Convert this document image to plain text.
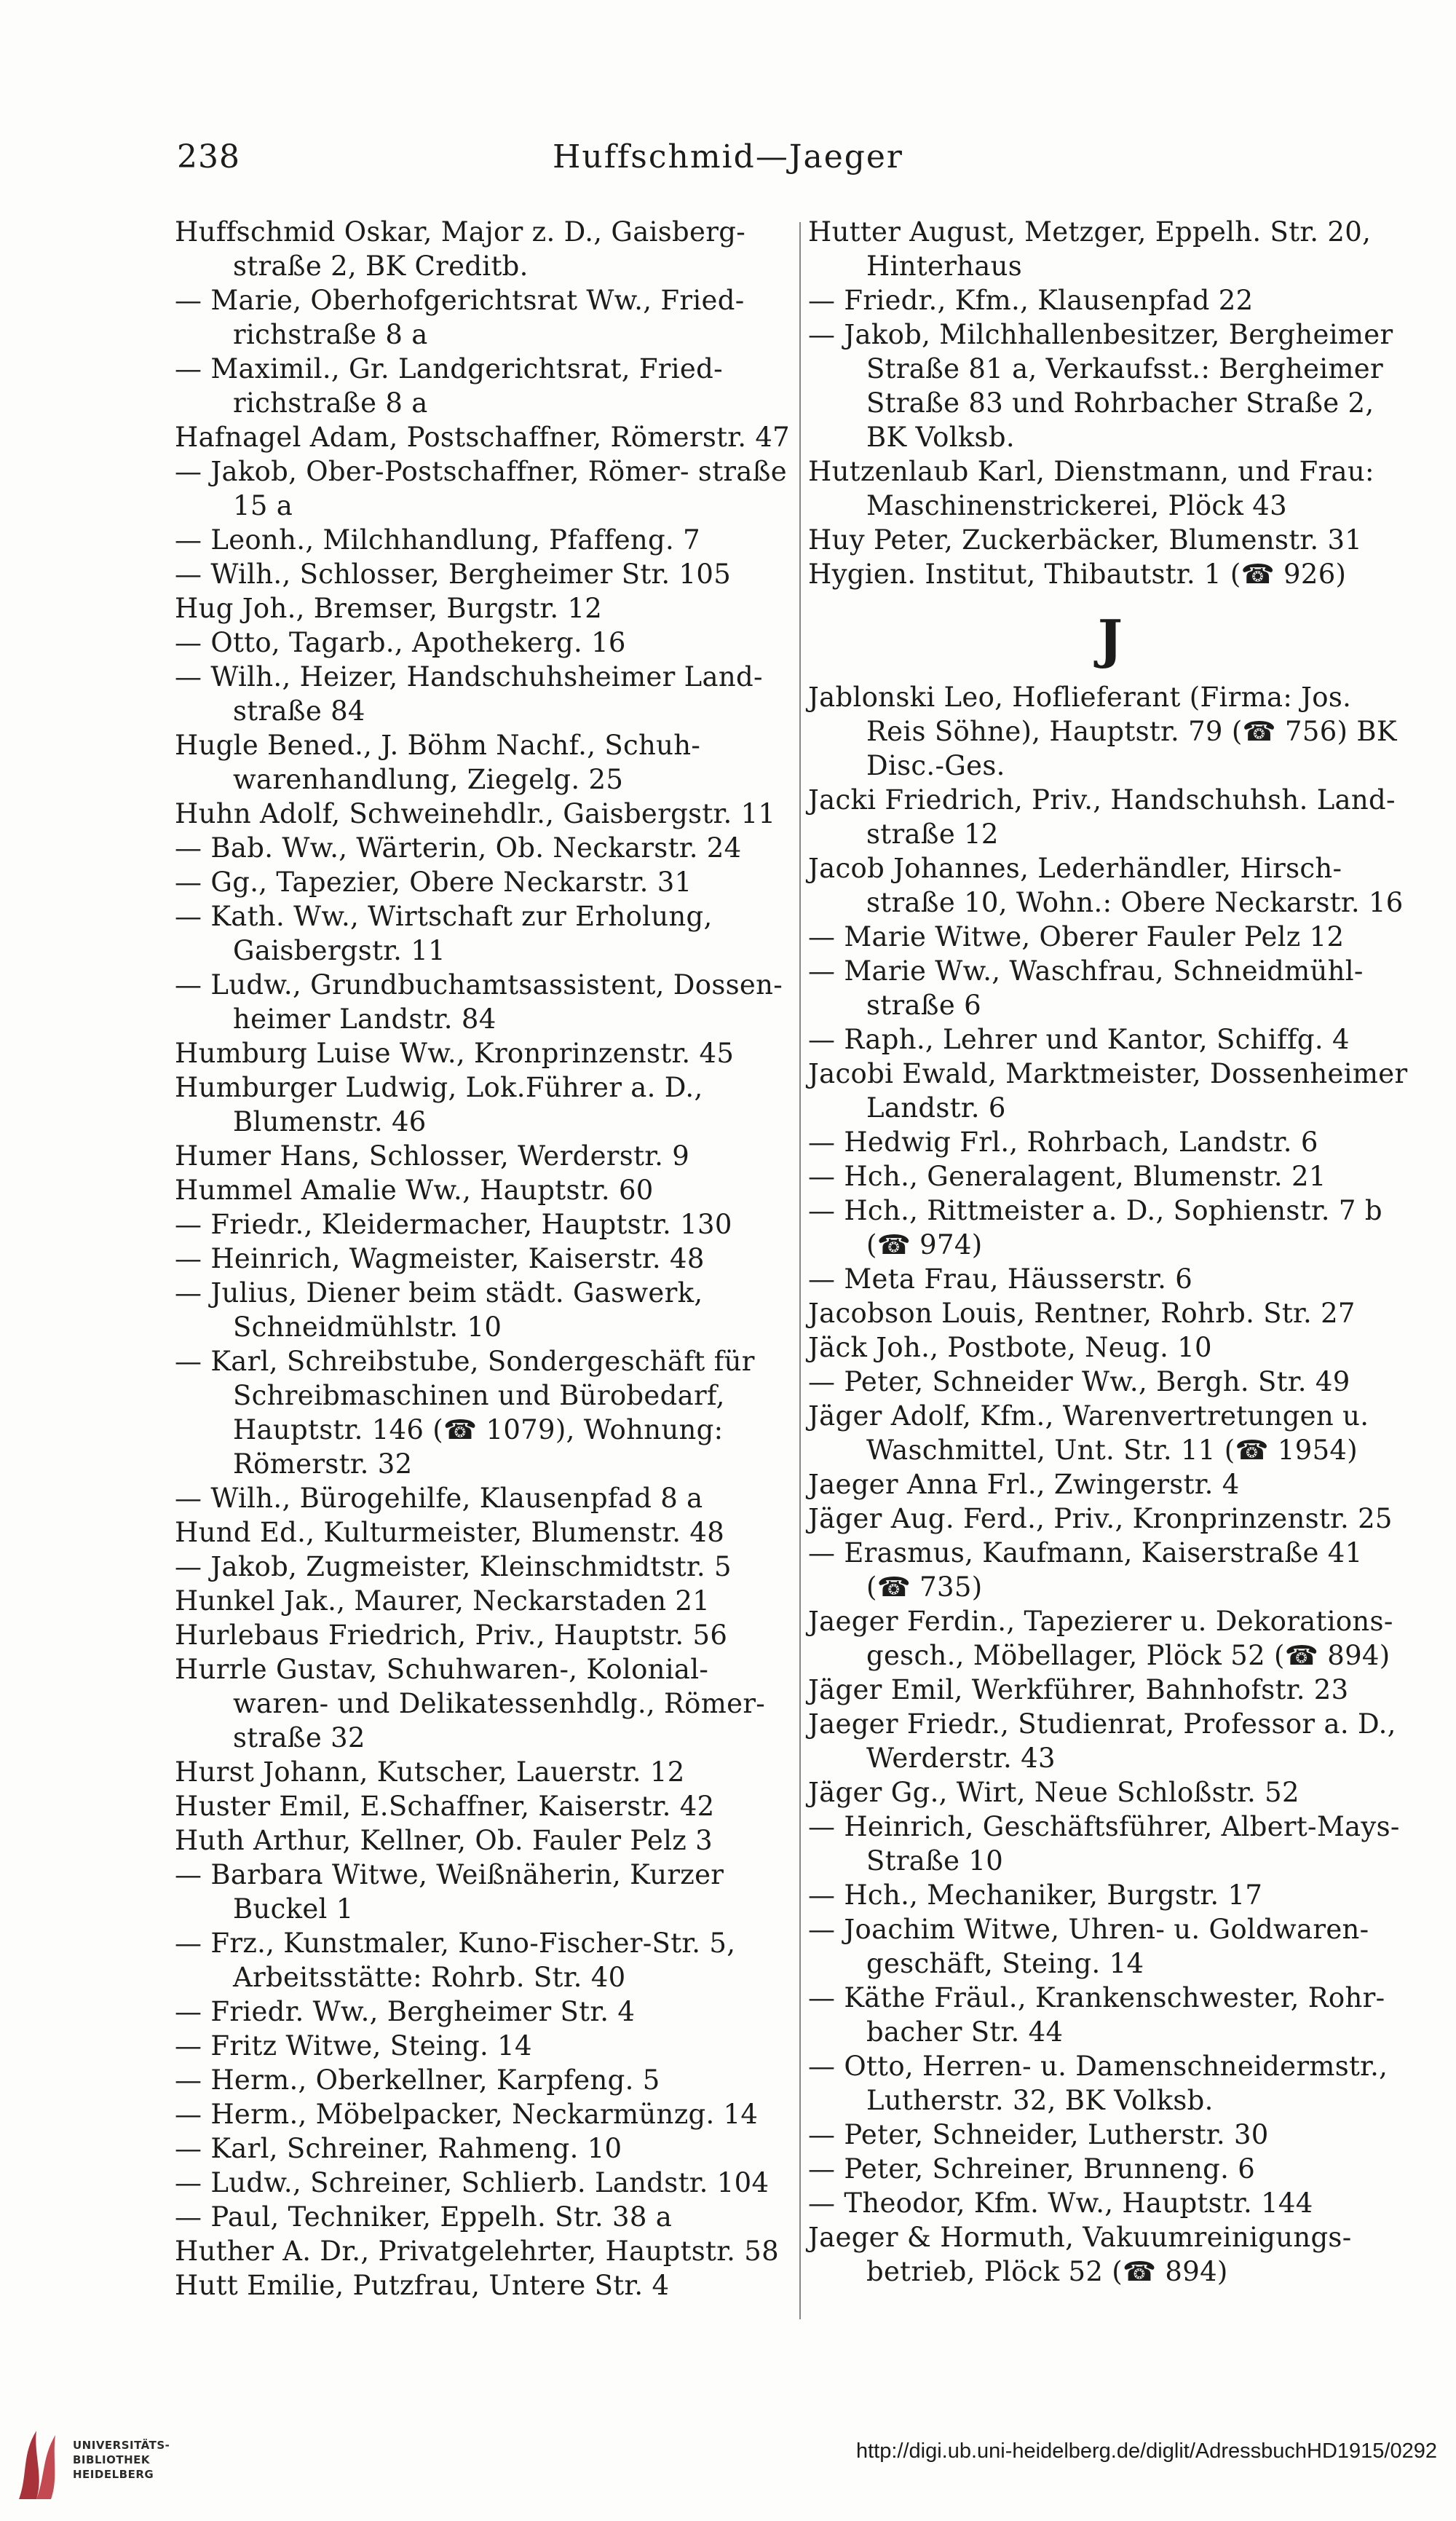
238	Huffschmid—Jaeger

Huffschmid Oskar, Major z. D., Gaisberg- straße 2, BK Creditb.

— Marie, Oberhofgerichtsrat Ww., Fried- richstraße 8 a

— Maximil., Gr. Landgerichtsrat, Fried- richstraße 8 a

Hafnagel Adam, Postschaffner, Römerstr. 47

— Jakob, Ober-Postschaffner, Römer- straße 15 a

— Leonh., Milchhandlung, Pfaffeng. 7

— Wilh., Schlosser, Bergheimer Str. 105

Hug Joh., Bremser, Burgstr. 12

— Otto, Tagarb., Apothekerg. 16

— Wilh., Heizer, Handschuhsheimer Land- straße 84

Hugle Bened., J. Böhm Nachf., Schuh- warenhandlung, Ziegelg. 25

Huhn Adolf, Schweinehdlr., Gaisbergstr. 11

— Bab. Ww., Wärterin, Ob. Neckarstr. 24

— Gg., Tapezier, Obere Neckarstr. 31

— Kath. Ww., Wirtschaft zur Erholung, Gaisbergstr. 11

— Ludw., Grundbuchamtsassistent, Dossen- heimer Landstr. 84

Humburg Luise Ww., Kronprinzenstr. 45

Humburger Ludwig, Lok.Führer a. D., Blumenstr. 46

Humer Hans, Schlosser, Werderstr. 9

Hummel Amalie Ww., Hauptstr. 60

— Friedr., Kleidermacher, Hauptstr. 130

— Heinrich, Wagmeister, Kaiserstr. 48

— Julius, Diener beim städt. Gaswerk, Schneidmühlstr. 10

— Karl, Schreibstube, Sondergeschäft für Schreibmaschinen und Bürobedarf, Hauptstr. 146 (☎ 1079), Wohnung: Römerstr. 32

— Wilh., Bürogehilfe, Klausenpfad 8 a

Hund Ed., Kulturmeister, Blumenstr. 48

— Jakob, Zugmeister, Kleinschmidtstr. 5

Hunkel Jak., Maurer, Neckarstaden 21

Hurlebaus Friedrich, Priv., Hauptstr. 56

Hurrle Gustav, Schuhwaren-, Kolonial- waren- und Delikatessenhdlg., Römer- straße 32

Hurst Johann, Kutscher, Lauerstr. 12

Huster Emil, E.Schaffner, Kaiserstr. 42

Huth Arthur, Kellner, Ob. Fauler Pelz 3

— Barbara Witwe, Weißnäherin, Kurzer Buckel 1

— Frz., Kunstmaler, Kuno-Fischer-Str. 5, Arbeitsstätte: Rohrb. Str. 40

— Friedr. Ww., Bergheimer Str. 4

— Fritz Witwe, Steing. 14

— Herm., Oberkellner, Karpfeng. 5

— Herm., Möbelpacker, Neckarmünzg. 14

— Karl, Schreiner, Rahmeng. 10

— Ludw., Schreiner, Schlierb. Landstr. 104

— Paul, Techniker, Eppelh. Str. 38 a

Huther A. Dr., Privatgelehrter, Hauptstr. 58

Hutt Emilie, Putzfrau, Untere Str. 4

Hutter August, Metzger, Eppelh. Str. 20, Hinterhaus

— Friedr., Kfm., Klausenpfad 22

— Jakob, Milchhallenbesitzer, Bergheimer Straße 81 a, Verkaufsst.: Bergheimer Straße 83 und Rohrbacher Straße 2, BK Volksb.

Hutzenlaub Karl, Dienstmann, und Frau: Maschinenstrickerei, Plöck 43

Huy Peter, Zuckerbäcker, Blumenstr. 31

Hygien. Institut, Thibautstr. 1 (☎ 926)

J

Jablonski Leo, Hoflieferant (Firma: Jos. Reis Söhne), Hauptstr. 79 (☎ 756) BK Disc.-Ges.

Jacki Friedrich, Priv., Handschuhsh. Land- straße 12

Jacob Johannes, Lederhändler, Hirsch- straße 10, Wohn.: Obere Neckarstr. 16

— Marie Witwe, Oberer Fauler Pelz 12

— Marie Ww., Waschfrau, Schneidmühl- straße 6

— Raph., Lehrer und Kantor, Schiffg. 4

Jacobi Ewald, Marktmeister, Dossenheimer Landstr. 6

— Hedwig Frl., Rohrbach, Landstr. 6

— Hch., Generalagent, Blumenstr. 21

— Hch., Rittmeister a. D., Sophienstr. 7 b (☎ 974)

— Meta Frau, Häusserstr. 6

Jacobson Louis, Rentner, Rohrb. Str. 27

Jäck Joh., Postbote, Neug. 10

— Peter, Schneider Ww., Bergh. Str. 49

Jäger Adolf, Kfm., Warenvertretungen u. Waschmittel, Unt. Str. 11 (☎ 1954)

Jaeger Anna Frl., Zwingerstr. 4

Jäger Aug. Ferd., Priv., Kronprinzenstr. 25

— Erasmus, Kaufmann, Kaiserstraße 41 (☎ 735)

Jaeger Ferdin., Tapezierer u. Dekorations- gesch., Möbellager, Plöck 52 (☎ 894)

Jäger Emil, Werkführer, Bahnhofstr. 23

Jaeger Friedr., Studienrat, Professor a. D., Werderstr. 43

Jäger Gg., Wirt, Neue Schloßstr. 52

— Heinrich, Geschäftsführer, Albert-Mays- Straße 10

— Hch., Mechaniker, Burgstr. 17

— Joachim Witwe, Uhren- u. Goldwaren- geschäft, Steing. 14

— Käthe Fräul., Krankenschwester, Rohr- bacher Str. 44

— Otto, Herren- u. Damenschneidermstr., Lutherstr. 32, BK Volksb.

— Peter, Schneider, Lutherstr. 30

— Peter, Schreiner, Brunneng. 6

— Theodor, Kfm. Ww., Hauptstr. 144

Jaeger & Hormuth, Vakuumreinigungs- betrieb, Plöck 52 (☎ 894)

UNIVERSITÄTS-
BIBLIOTHEK
HEIDELBERG
http://digi.ub.uni-heidelberg.de/diglit/AdressbuchHD1915/0292
